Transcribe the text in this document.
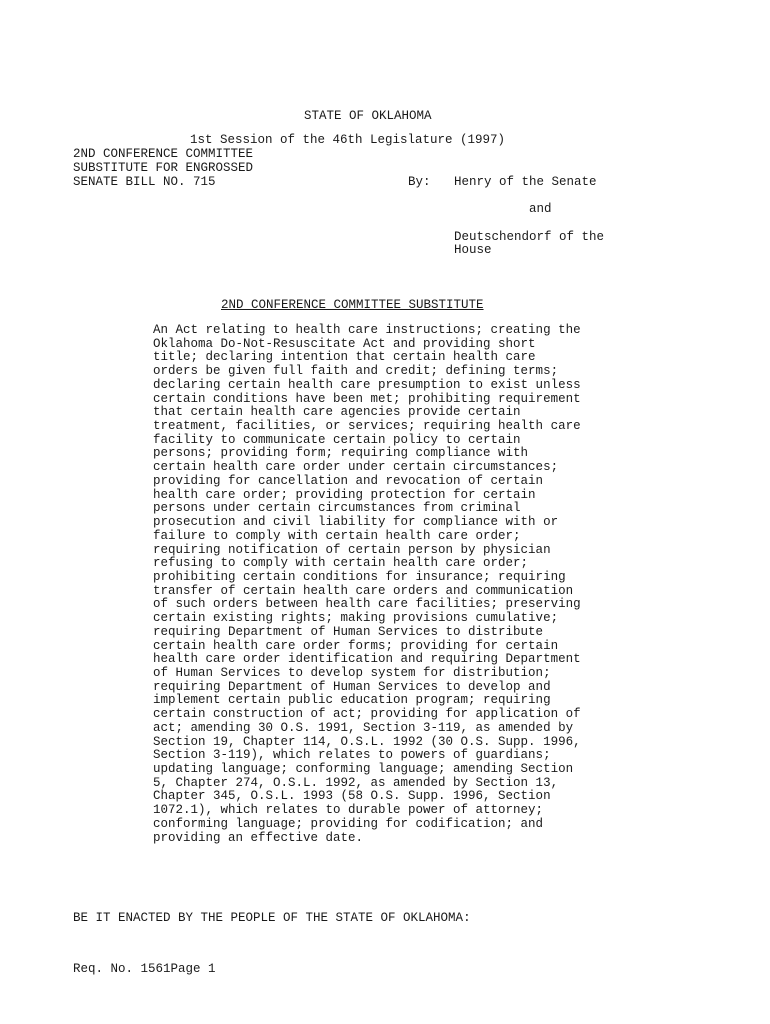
STATE OF OKLAHOMA
1st Session of the 46th Legislature (1997)
2ND CONFERENCE COMMITTEE
SUBSTITUTE FOR ENGROSSED
SENATE BILL NO. 715	By: Henry of the Senate
and
Deutschendorf of the
House
2ND CONFERENCE COMMITTEE SUBSTITUTE
An Act relating to health care instructions; creating the
Oklahoma Do-Not-Resuscitate Act and providing short
title; declaring intention that certain health care
orders be given full faith and credit; defining terms;
declaring certain health care presumption to exist unless
certain conditions have been met; prohibiting requirement
that certain health care agencies provide certain
treatment, facilities, or services; requiring health care
facility to communicate certain policy to certain
persons; providing form; requiring compliance with
certain health care order under certain circumstances;
providing for cancellation and revocation of certain
health care order; providing protection for certain
persons under certain circumstances from criminal
prosecution and civil liability for compliance with or
failure to comply with certain health care order;
requiring notification of certain person by physician
refusing to comply with certain health care order;
prohibiting certain conditions for insurance; requiring
transfer of certain health care orders and communication
of such orders between health care facilities; preserving
certain existing rights; making provisions cumulative;
requiring Department of Human Services to distribute
certain health care order forms; providing for certain
health care order identification and requiring Department
of Human Services to develop system for distribution;
requiring Department of Human Services to develop and
implement certain public education program; requiring
certain construction of act; providing for application of
act; amending 30 O.S. 1991, Section 3-119, as amended by
Section 19, Chapter 114, O.S.L. 1992 (30 O.S. Supp. 1996,
Section 3-119), which relates to powers of guardians;
updating language; conforming language; amending Section
5, Chapter 274, O.S.L. 1992, as amended by Section 13,
Chapter 345, O.S.L. 1993 (58 O.S. Supp. 1996, Section
1072.1), which relates to durable power of attorney;
conforming language; providing for codification; and
providing an effective date.
BE IT ENACTED BY THE PEOPLE OF THE STATE OF OKLAHOMA:
Req. No. 1561Page 1
